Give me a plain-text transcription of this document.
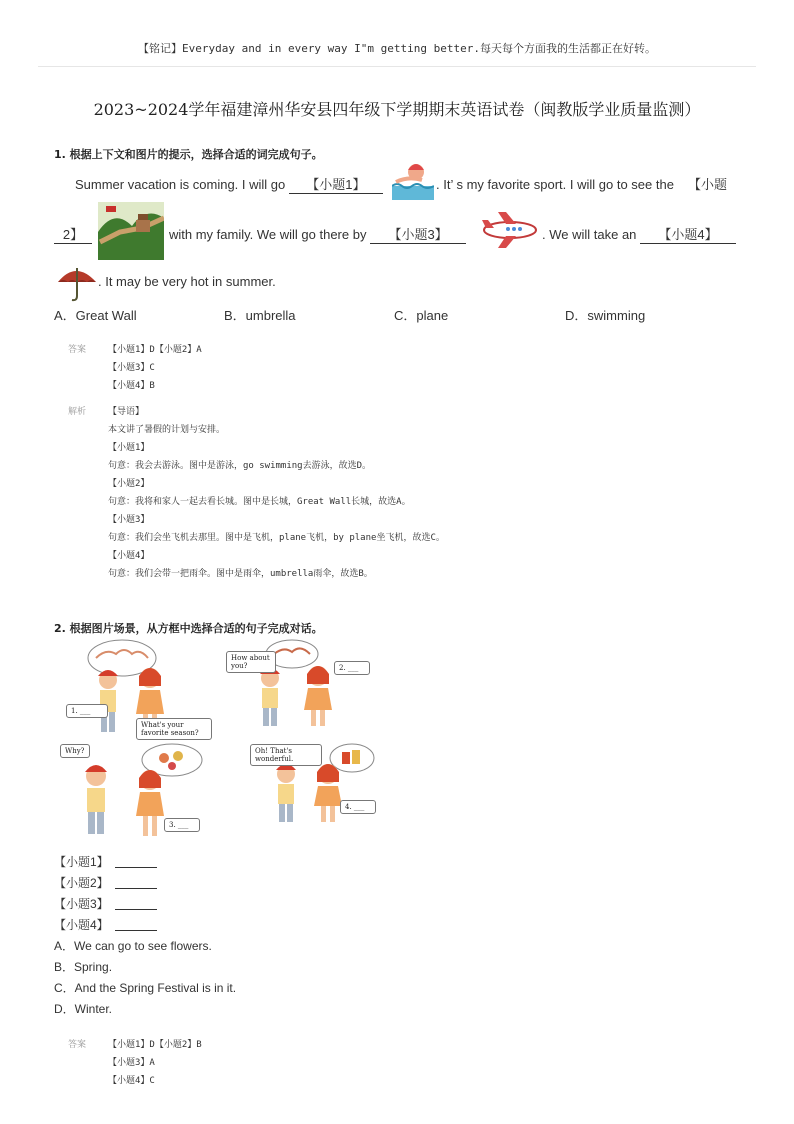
【铭记】Everyday and in every way I"m getting better.每天每个方面我的生活都正在好转。
2023~2024学年福建漳州华安县四年级下学期期末英语试卷（闽教版学业质量监测）
1. 根据上下文和图片的提示，选择合适的词完成句子。
Summer vacation is coming. I will go 【小题1】	. It’ s my favorite sport. I will go to see the 【小题
2】	with my family. We will go there by 【小题3】	. We will take an 【小题4】
. It may be very hot in summer.
A．Great Wall	B．umbrella	C．plane	D．swimming
答案 【小题1】D【小题2】A
【小题3】C
【小题4】B
解析 【导语】
本文讲了暑假的计划与安排。
【小题1】
句意：我会去游泳。图中是游泳，go swimming去游泳，故选D。
【小题2】
句意：我将和家人一起去看长城。图中是长城，Great Wall长城，故选A。
【小题3】
句意：我们会坐飞机去那里。图中是飞机，plane飞机，by plane坐飞机，故选C。
【小题4】
句意：我们会带一把雨伞。图中是雨伞，umbrella雨伞，故选B。
2. 根据图片场景，从方框中选择合适的句子完成对话。
1. ___
What's your favorite season?
How about you?	2. ___
Why?
3. ___
Oh! That's wonderful.
4. ___
【小题1】
【小题2】
【小题3】
【小题4】
A．We can go to see flowers.
B．Spring.
C．And the Spring Festival is in it.
D．Winter.
答案 【小题1】D【小题2】B
【小题3】A
【小题4】C
